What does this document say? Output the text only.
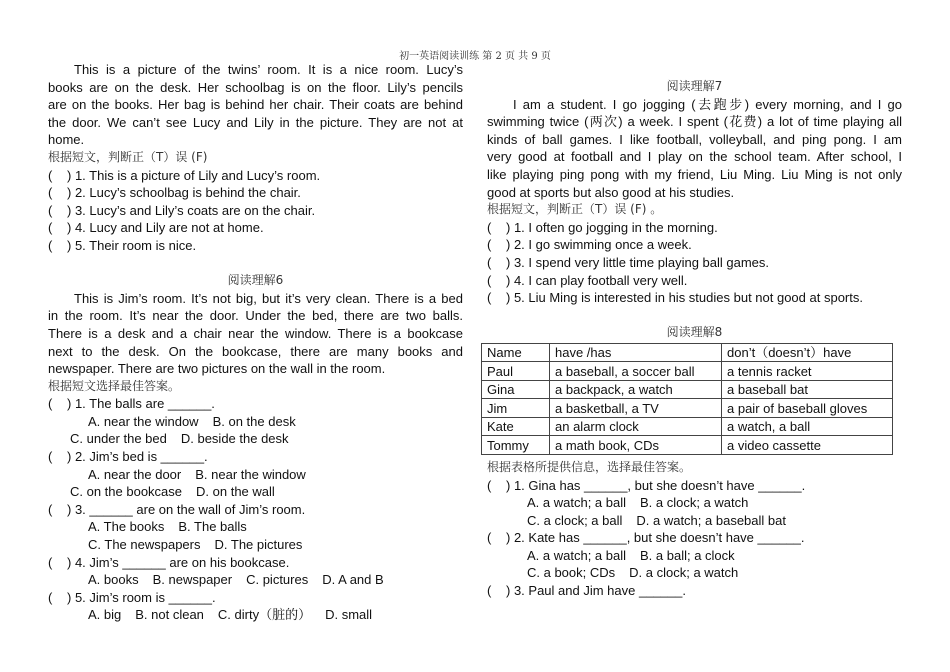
初一英语阅读训练 第 2 页 共 9 页
This is a picture of the twins’ room. It is a nice room. Lucy’s
books are on the desk. Her schoolbag is on the floor. Lily’s pencils
are on the books. Her bag is behind her chair. Their coats are behind
the door. We can’t see Lucy and Lily in the picture. They are not at
home.
根据短文，判断正（T）误 (F)
( ) 1. This is a picture of Lily and Lucy’s room.
( ) 2. Lucy’s schoolbag is behind the chair.
( ) 3. Lucy’s and Lily’s coats are on the chair.
( ) 4. Lucy and Lily are not at home.
( ) 5. Their room is nice.
阅读理解6
This is Jim’s room. It’s not big, but it’s very clean. There is a bed
in the room. It’s near the door. Under the bed, there are two balls.
There is a desk and a chair near the window. There is a bookcase
next to the desk. On the bookcase, there are many books and
newspaper. There are two pictures on the wall in the room.
根据短文选择最佳答案。
( ) 1. The balls are ______.
A. near the window B. on the desk
C. under the bed D. beside the desk
( ) 2. Jim’s bed is ______.
A. near the door B. near the window
C. on the bookcase D. on the wall
( ) 3. ______ are on the wall of Jim’s room.
A. The books B. The balls
C. The newspapers D. The pictures
( ) 4. Jim’s ______ are on his bookcase.
A. books B. newspaper C. pictures D. A and B
( ) 5. Jim’s room is ______.
A. big B. not clean C. dirty（脏的） D. small
阅读理解7
I am a student. I go jogging (去跑步) every morning, and I go
swimming twice (两次) a week. I spent (花费) a lot of time playing all
kinds of ball games. I like football, volleyball, and ping pong. I am
very good at football and I play on the school team. After school, I
like playing ping pong with my friend, Liu Ming. Liu Ming is not only
good at sports but also good at his studies.
根据短文，判断正（T）误 (F) 。
( ) 1. I often go jogging in the morning.
( ) 2. I go swimming once a week.
( ) 3. I spend very little time playing ball games.
( ) 4. I can play football very well.
( ) 5. Liu Ming is interested in his studies but not good at sports.
阅读理解8
Name	have /has	don’t（doesn’t）have
Paul	a baseball, a soccer ball	a tennis racket
Gina	a backpack, a watch	a baseball bat
Jim	a basketball, a TV	a pair of baseball gloves
Kate	an alarm clock	a watch, a ball
Tommy	a math book, CDs	a video cassette
根据表格所提供信息，选择最佳答案。
( ) 1. Gina has ______, but she doesn’t have ______.
A. a watch; a ball B. a clock; a watch
C. a clock; a ball D. a watch; a baseball bat
( ) 2. Kate has ______, but she doesn’t have ______.
A. a watch; a ball B. a ball; a clock
C. a book; CDs D. a clock; a watch
( ) 3. Paul and Jim have ______.
